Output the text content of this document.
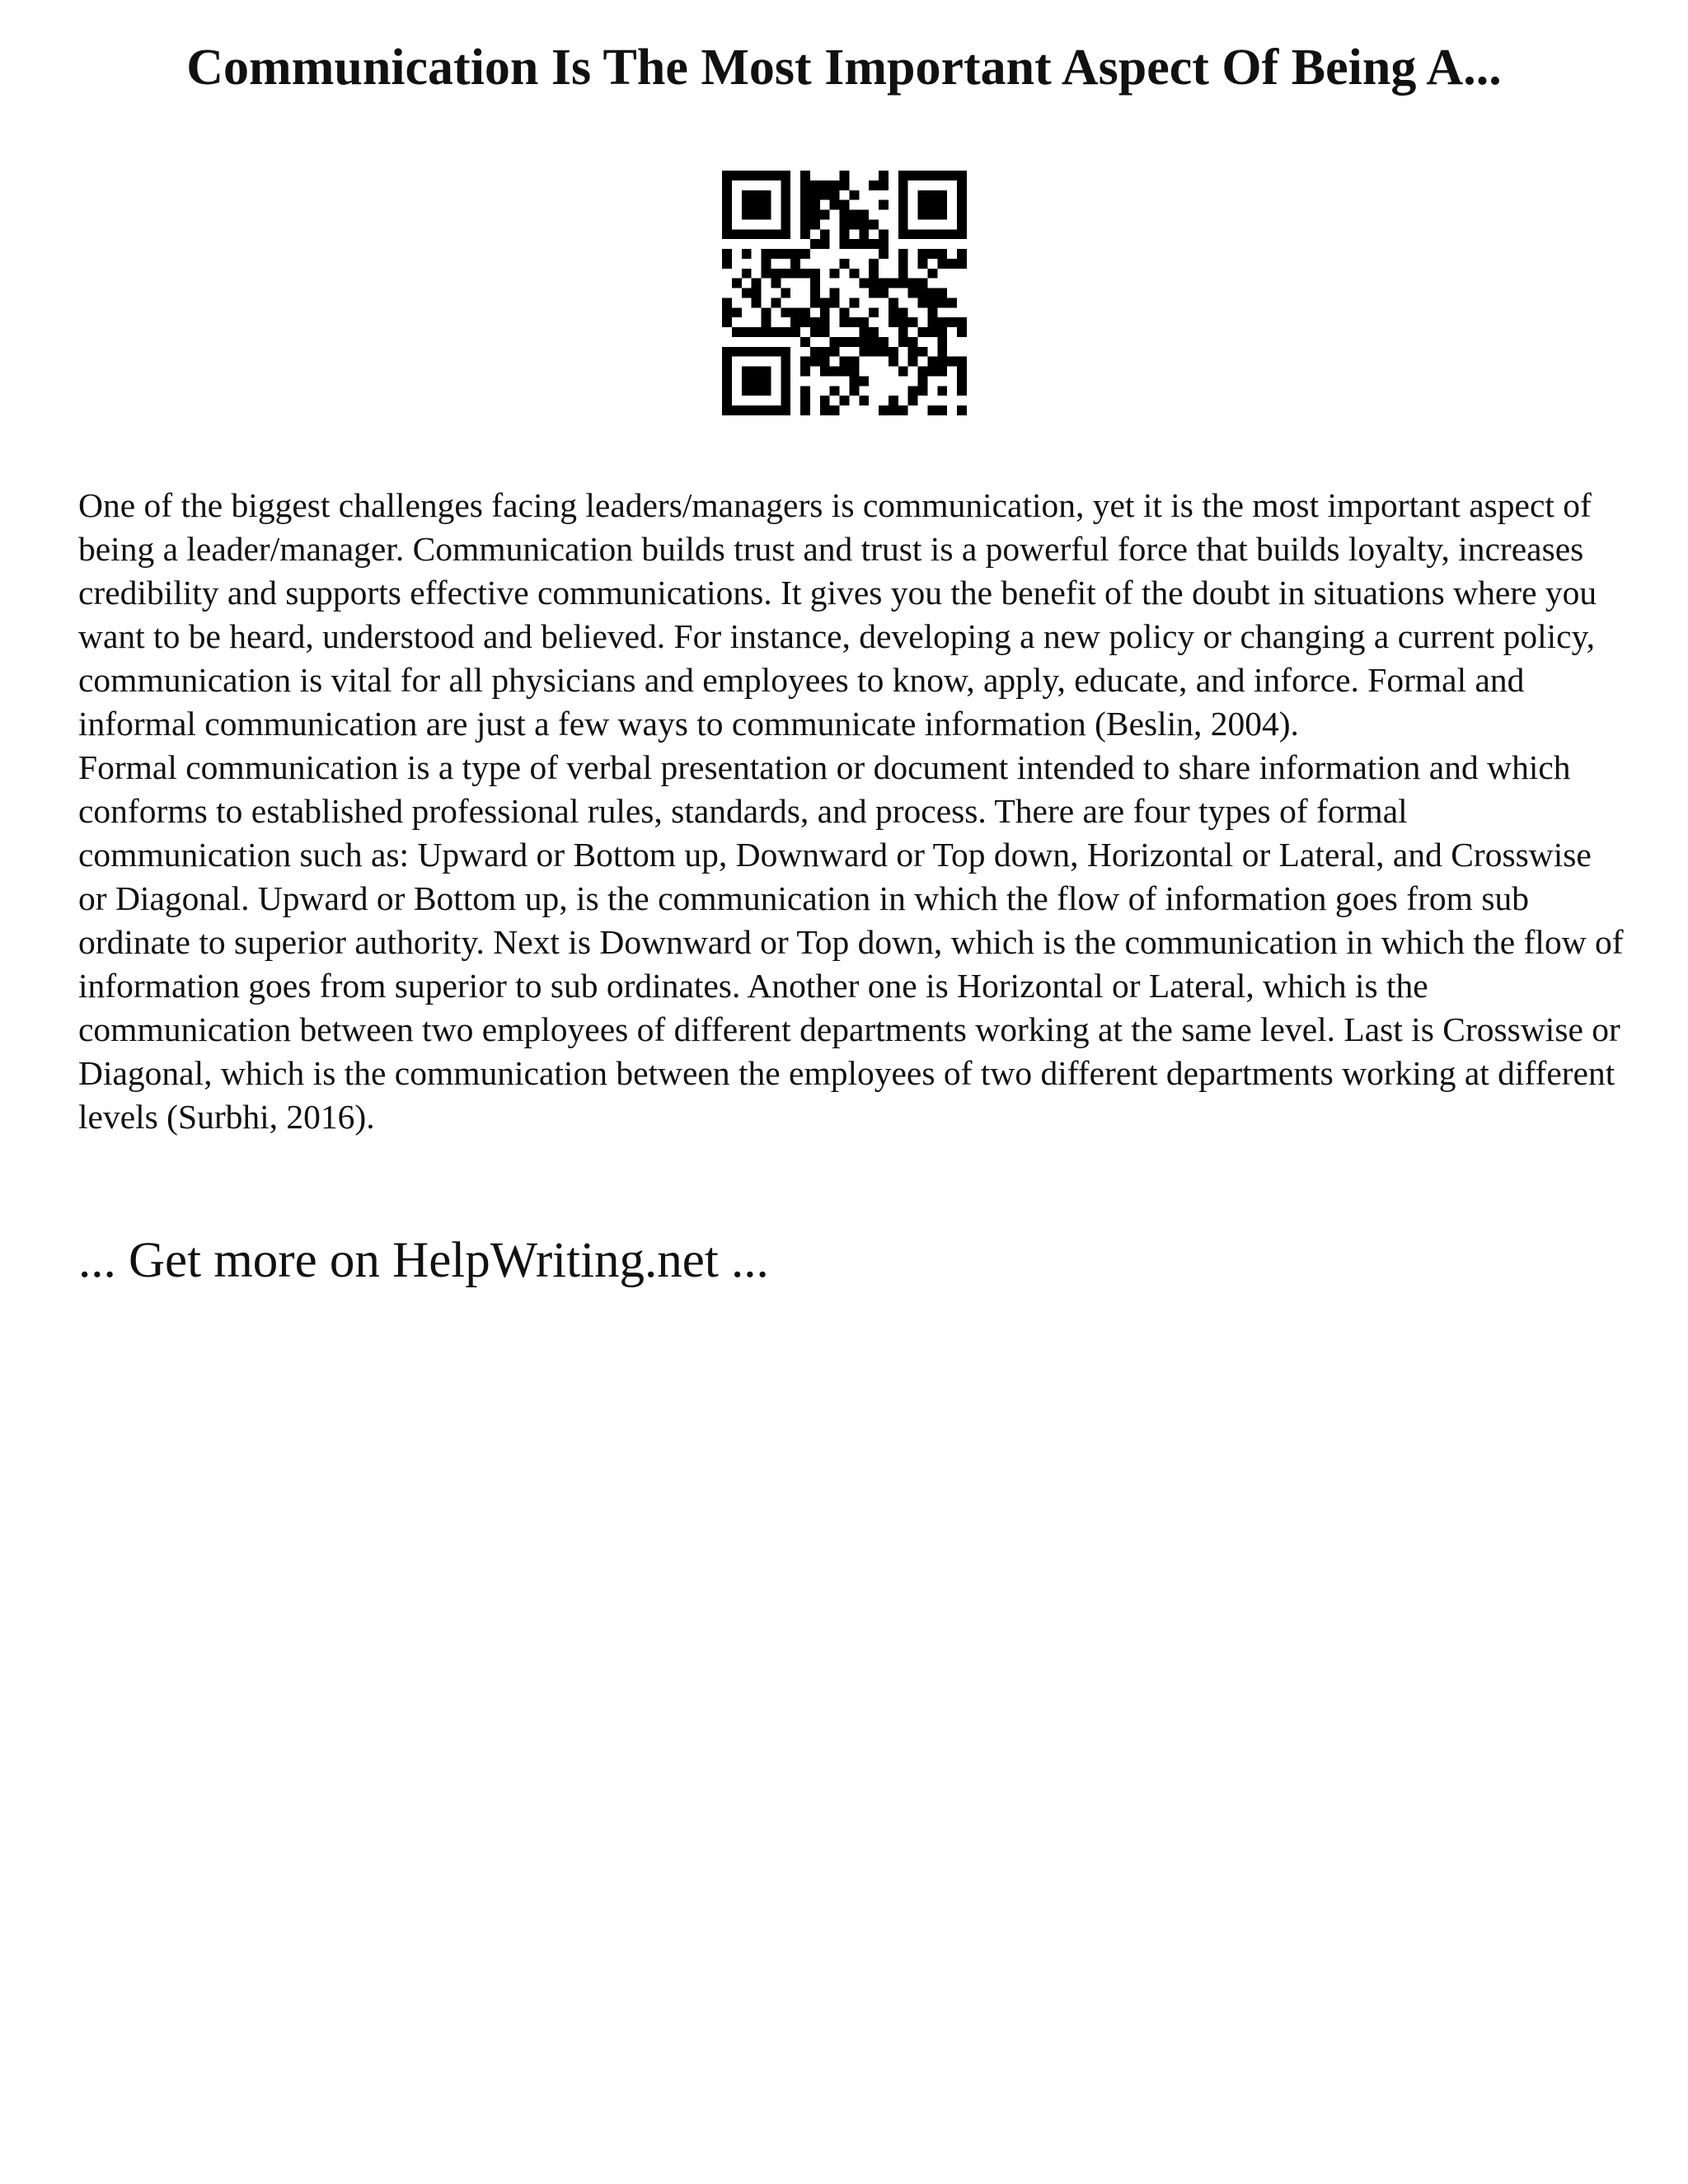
Communication Is The Most Important Aspect Of Being A...

One of the biggest challenges facing leaders/managers is communication, yet it is the most important aspect of being a leader/manager. Communication builds trust and trust is a powerful force that builds loyalty, increases credibility and supports effective communications. It gives you the benefit of the doubt in situations where you want to be heard, understood and believed. For instance, developing a new policy or changing a current policy, communication is vital for all physicians and employees to know, apply, educate, and inforce. Formal and informal communication are just a few ways to communicate information (Beslin, 2004).

Formal communication is a type of verbal presentation or document intended to share information and which conforms to established professional rules, standards, and process. There are four types of formal communication such as: Upward or Bottom up, Downward or Top down, Horizontal or Lateral, and Crosswise or Diagonal. Upward or Bottom up, is the communication in which the flow of information goes from sub ordinate to superior authority. Next is Downward or Top down, which is the communication in which the flow of information goes from superior to sub ordinates. Another one is Horizontal or Lateral, which is the communication between two employees of different departments working at the same level. Last is Crosswise or Diagonal, which is the communication between the employees of two different departments working at different levels (Surbhi, 2016).

... Get more on HelpWriting.net ...
